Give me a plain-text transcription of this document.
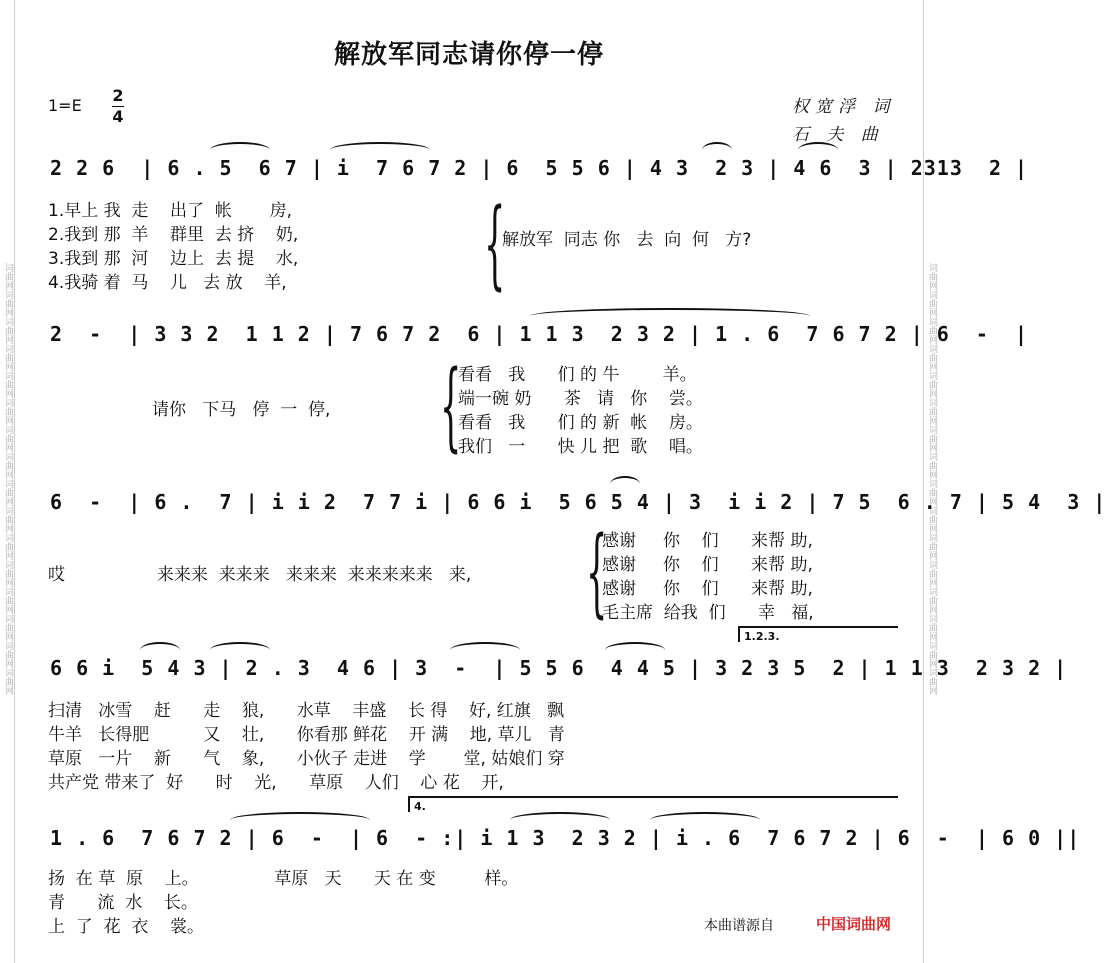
词曲网词曲网词曲网词曲网词曲网词曲网词曲网词曲网词曲网词曲网词曲网词曲网词曲网词曲网词曲网词曲网	词曲网词曲网词曲网词曲网词曲网词曲网词曲网词曲网词曲网词曲网词曲网词曲网词曲网词曲网词曲网词曲网
解放军同志请你停一停
1=E
2
4	权宽浮 词
石 夫 曲
2 2 6  | 6 . 5  6 7 | i  7 6 7 2 | 6  5 5 6 | 4 3  2 3 | 4 6  3 | 2313  2 |
1.早上 我  走    出了  帐       房,
2.我到 那  羊    群里  去 挤    奶,
3.我到 那  河    边上  去 提    水,
4.我骑 着  马    儿   去 放    羊, {
解放军  同志 你   去  向  何   方?
2  -  | 3 3 2  1 1 2 | 7 6 7 2  6 | 1 1 3  2 3 2 | 1 . 6  7 6 7 2 | 6  -  |
请你   下马   停  一  停, {
看看   我      们 的 牛        羊。
端一碗 奶      茶   请   你    尝。
看看   我      们 的 新  帐    房。
我们   一      快 儿 把  歌    唱。
6  -  | 6 .  7 | i i 2  7 7 i | 6 6 i  5 6 5 4 | 3  i i 2 | 7 5  6 . 7 | 5 4  3 |
哎                 来来来  来来来   来来来  来来来来来   来, {
感谢     你    们      来帮 助,
感谢     你    们      来帮 助,
感谢     你    们      来帮 助,
毛主席  给我  们      幸   福,
1.2.3.
6 6 i  5 4 3 | 2 . 3  4 6 | 3  -  | 5 5 6  4 4 5 | 3 2 3 5  2 | 1 1 3  2 3 2 |
扫清   冰雪    赶      走    狼,      水草    丰盛    长 得    好, 红旗   飘
牛羊   长得肥          又    壮,      你看那 鲜花    开 满    地, 草儿   青
草原   一片    新      气    象,      小伙子 走进    学       堂, 姑娘们 穿
共产党 带来了  好      时    光,      草原    人们    心 花    开,
4.
1 . 6  7 6 7 2 | 6  -  | 6  - :| i 1 3  2 3 2 | i . 6  7 6 7 2 | 6  -  | 6 0 ||
扬  在 草  原    上。              草原   天      天 在 变         样。
青      流  水    长。
上  了  花  衣    裳。	本曲谱源自	中国词曲网
